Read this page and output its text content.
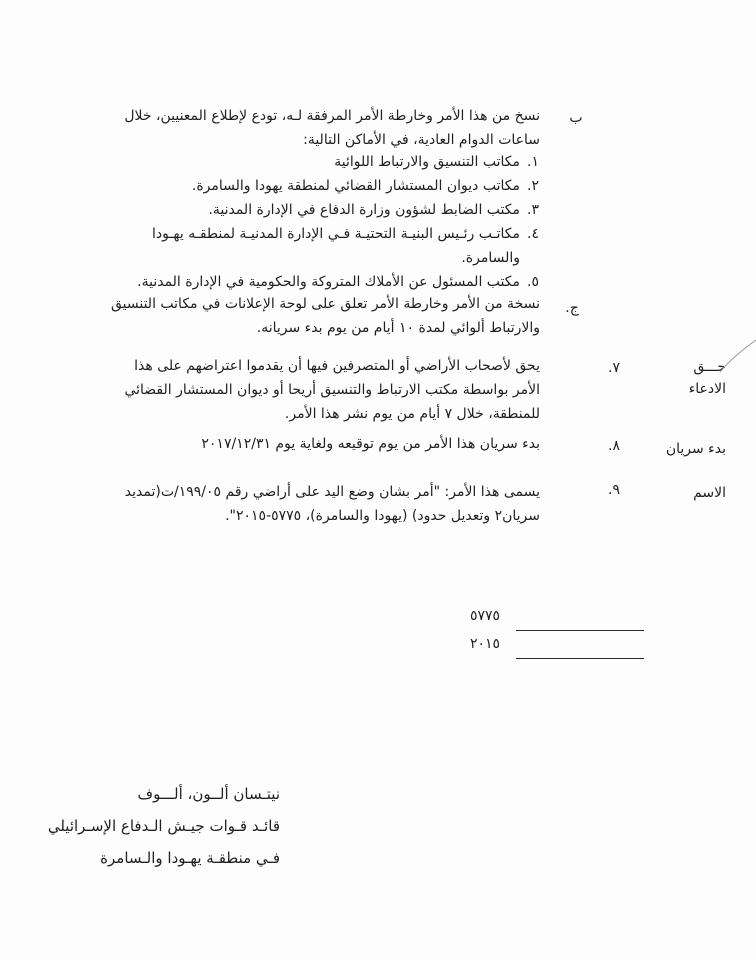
ب
نسخ من هذا الأمر وخارطة الأمر المرفقة لـه، تودع لإطلاع المعنيين، خلال
ساعات الدوام العادية، في الأماكن التالية:
١.
مكاتب التنسيق والارتباط اللوائية
٢.
مكاتب ديوان المستشار القضائي لمنطقة يهودا والسامرة.
٣.
مكتب الضابط لشؤون وزارة الدفاع في الإدارة المدنية.
٤.
مكاتـب رئـيس البنيـة التحتيـة فـي الإدارة المدنيـة لمنطقـه يهـودا
والسامرة.
٥.
مكتب المسئول عن الأملاك المتروكة والحكومية في الإدارة المدنية.
ج.
نسخة من الأمر وخارطة الأمر تعلق على لوحة الإعلانات في مكاتب التنسيق
والارتباط ألوائي لمدة ١٠ أيام من يوم بدء سريانه.
حـــق
الادعاء
٧.
يحق لأصحاب الأراضي أو المتصرفين فيها أن يقدموا اعتراضهم على هذا
الأمر بواسطة مكتب الارتباط والتنسيق أريحا أو ديوان المستشار القضائي
للمنطقة، خلال ٧ أيام من يوم نشر هذا الأمر.
بدء سريان
٨.
بدء سريان هذا الأمر من يوم توقيعه ولغاية يوم ٢٠١٧/١٢/٣١
الاسم
٩.
يسمى هذا الأمر: "أمر بشان وضع اليد على أراضي رقم ١٩٩/٠٥/ت(تمديد
سريان٢ وتعديل حدود) (يهودا والسامرة)، ٥٧٧٥-٢٠١٥".
٥٧٧٥
٢٠١٥
نيتـسان ألــون، ألـــوف
قائـد قـوات جيـش الـدفاع الإسـرائيلي
فـي منطقـة يهـودا والـسامرة
